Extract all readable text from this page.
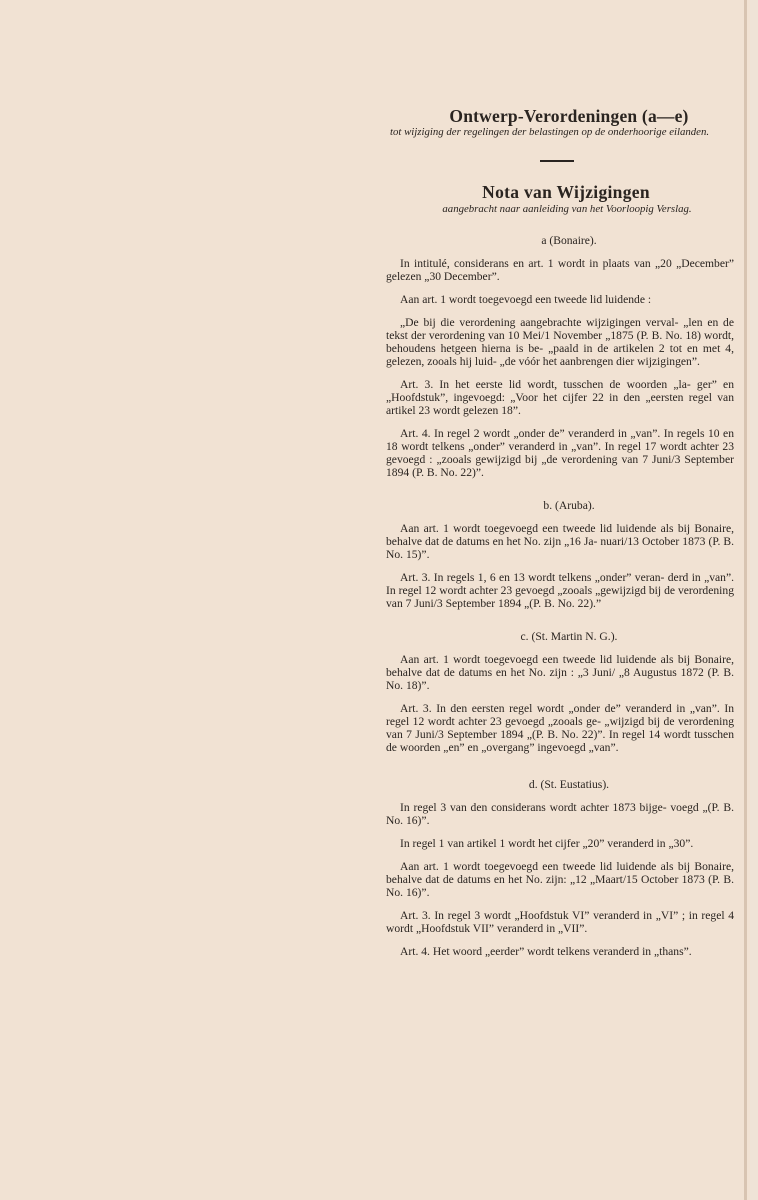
Ontwerp-Verordeningen (a—e)
tot wijziging der regelingen der belastingen op de onderhoorige eilanden.
Nota van Wijzigingen
aangebracht naar aanleiding van het Voorloopig Verslag.
a (Bonaire).

In intitulé, considerans en art. 1 wordt in plaats van „20 „December” gelezen „30 December”.

Aan art. 1 wordt toegevoegd een tweede lid luidende :

„De bij die verordening aangebrachte wijzigingen verval- „len en de tekst der verordening van 10 Mei/1 November „1875 (P. B. No. 18) wordt, behoudens hetgeen hierna is be- „paald in de artikelen 2 tot en met 4, gelezen, zooals hij luid- „de vóór het aanbrengen dier wijzigingen”.

Art. 3. In het eerste lid wordt, tusschen de woorden „la- ger” en „Hoofdstuk”, ingevoegd: „Voor het cijfer 22 in den „eersten regel van artikel 23 wordt gelezen 18”.

Art. 4. In regel 2 wordt „onder de” veranderd in „van”. In regels 10 en 18 wordt telkens „onder” veranderd in „van”. In regel 17 wordt achter 23 gevoegd : „zooals gewijzigd bij „de verordening van 7 Juni/3 September 1894 (P. B. No. 22)”.

b. (Aruba).

Aan art. 1 wordt toegevoegd een tweede lid luidende als bij Bonaire, behalve dat de datums en het No. zijn „16 Ja- nuari/13 October 1873 (P. B. No. 15)”.

Art. 3. In regels 1, 6 en 13 wordt telkens „onder” veran- derd in „van”. In regel 12 wordt achter 23 gevoegd „zooals „gewijzigd bij de verordening van 7 Juni/3 September 1894 „(P. B. No. 22).”

c. (St. Martin N. G.).

Aan art. 1 wordt toegevoegd een tweede lid luidende als bij Bonaire, behalve dat de datums en het No. zijn : „3 Juni/ „8 Augustus 1872 (P. B. No. 18)”.

Art. 3. In den eersten regel wordt „onder de” veranderd in „van”. In regel 12 wordt achter 23 gevoegd „zooals ge- „wijzigd bij de verordening van 7 Juni/3 September 1894 „(P. B. No. 22)”. In regel 14 wordt tusschen de woorden „en” en „overgang” ingevoegd „van”.

d. (St. Eustatius).

In regel 3 van den considerans wordt achter 1873 bijge- voegd „(P. B. No. 16)”.

In regel 1 van artikel 1 wordt het cijfer „20” veranderd in „30”.

Aan art. 1 wordt toegevoegd een tweede lid luidende als bij Bonaire, behalve dat de datums en het No. zijn: „12 „Maart/15 October 1873 (P. B. No. 16)”.

Art. 3. In regel 3 wordt „Hoofdstuk VI” veranderd in „VI” ; in regel 4 wordt „Hoofdstuk VII” veranderd in „VII”.

Art. 4. Het woord „eerder” wordt telkens veranderd in „thans”.
